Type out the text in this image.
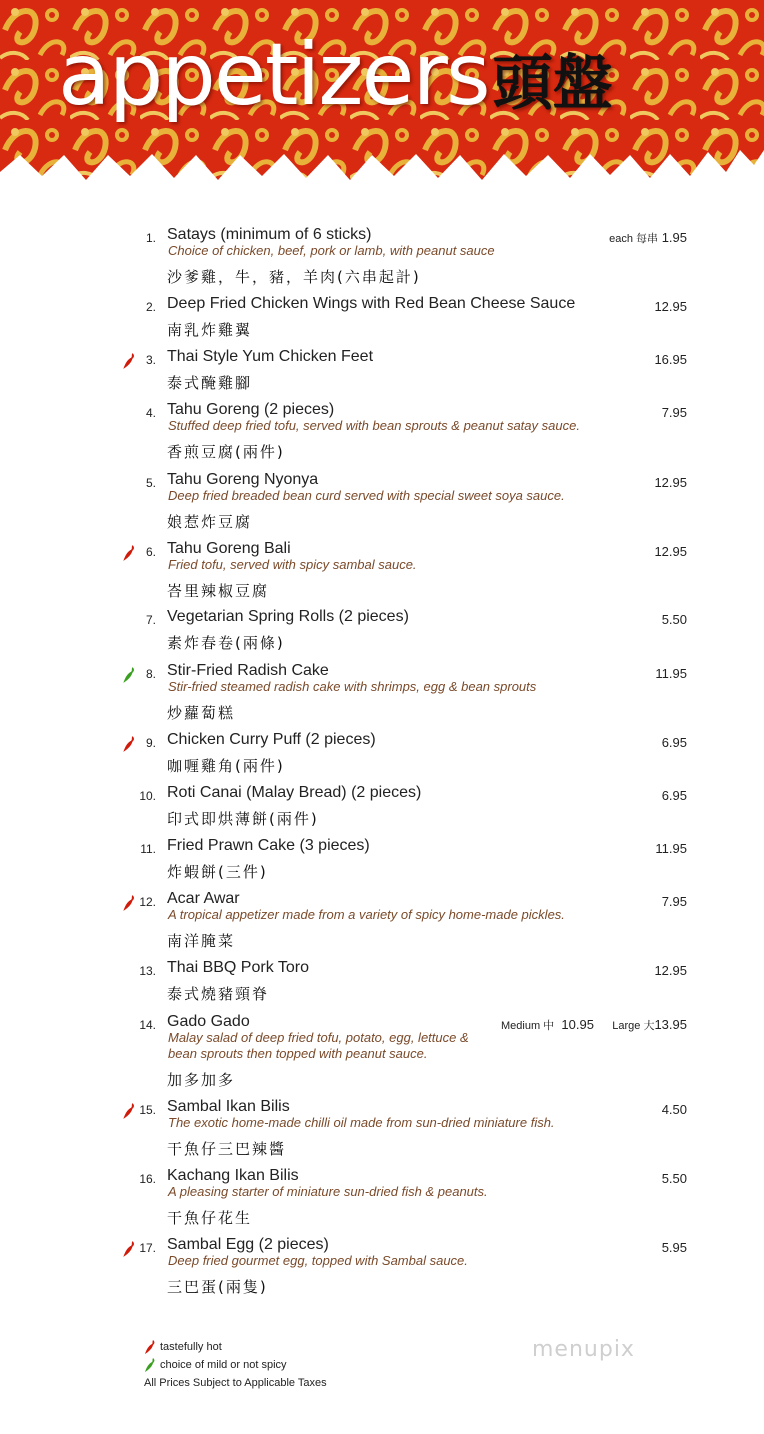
appetizers頭盤
1. Satays (minimum of 6 sticks)
Choice of chicken, beef, pork or lamb, with peanut sauce
沙爹雞，牛，豬，羊肉(六串起計)
each 每串 1.95
2. Deep Fried Chicken Wings with Red Bean Cheese Sauce
南乳炸雞翼
12.95
3. Thai Style Yum Chicken Feet
泰式醃雞腳
16.95
4. Tahu Goreng (2 pieces)
Stuffed deep fried tofu, served with bean sprouts & peanut satay sauce.
香煎豆腐(兩件)
7.95
5. Tahu Goreng Nyonya
Deep fried breaded bean curd served with special sweet soya sauce.
娘惹炸豆腐
12.95
6. Tahu Goreng Bali
Fried tofu, served with spicy sambal sauce.
峇里辣椒豆腐
12.95
7. Vegetarian Spring Rolls (2 pieces)
素炸春卷(兩條)
5.50
8. Stir-Fried Radish Cake
Stir-fried steamed radish cake with shrimps, egg & bean sprouts
炒蘿蔔糕
11.95
9. Chicken Curry Puff (2 pieces)
咖喱雞角(兩件)
6.95
10. Roti Canai (Malay Bread) (2 pieces)
印式即烘薄餅(兩件)
6.95
11. Fried Prawn Cake (3 pieces)
炸蝦餅(三件)
11.95
12. Acar Awar
A tropical appetizer made from a variety of spicy home-made pickles.
南洋腌菜
7.95
13. Thai BBQ Pork Toro
泰式燒豬頸脊
12.95
14. Gado Gado
Malay salad of deep fried tofu, potato, egg, lettuce &
bean sprouts then topped with peanut sauce.
加多加多
Medium 中 10.95 Large 大13.95
15. Sambal Ikan Bilis
The exotic home-made chilli oil made from sun-dried miniature fish.
干魚仔三巴辣醬
4.50
16. Kachang Ikan Bilis
A pleasing starter of miniature sun-dried fish & peanuts.
干魚仔花生
5.50
17. Sambal Egg (2 pieces)
Deep fried gourmet egg, topped with Sambal sauce.
三巴蛋(兩隻)
5.95
tastefully hot
choice of mild or not spicy
All Prices Subject to Applicable Taxes
menupix
